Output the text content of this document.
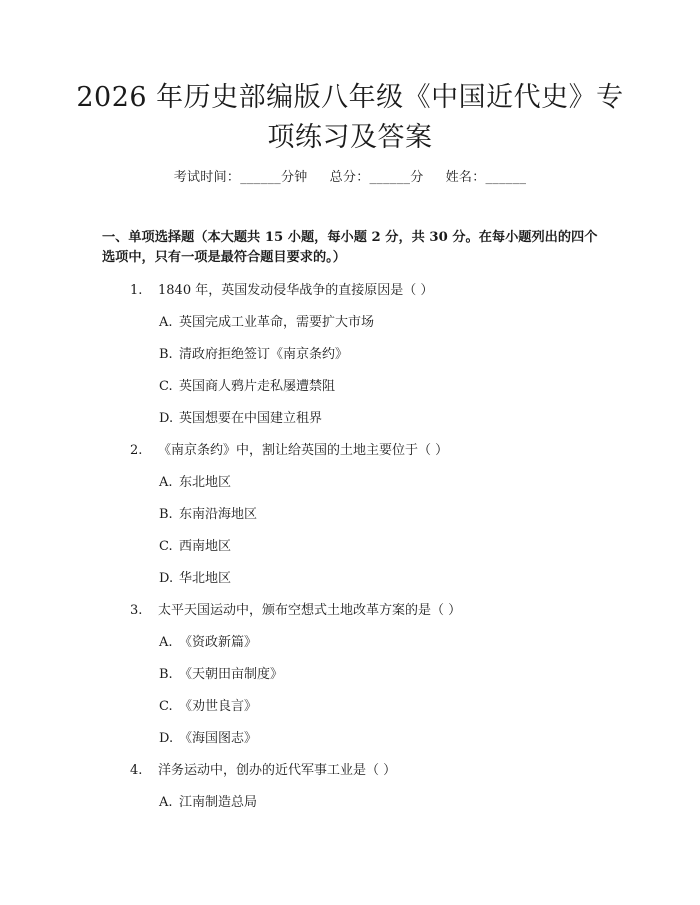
2026 年历史部编版八年级《中国近代史》专
项练习及答案
考试时间：______分钟 总分：______分 姓名：______
一、单项选择题（本大题共 15 小题，每小题 2 分，共 30 分。在每小题列出的四个选项中，只有一项是最符合题目要求的。）
1. 1840 年，英国发动侵华战争的直接原因是（ ）
A. 英国完成工业革命，需要扩大市场
B. 清政府拒绝签订《南京条约》
C. 英国商人鸦片走私屡遭禁阻
D. 英国想要在中国建立租界
2. 《南京条约》中，割让给英国的土地主要位于（ ）
A. 东北地区
B. 东南沿海地区
C. 西南地区
D. 华北地区
3. 太平天国运动中，颁布空想式土地改革方案的是（ ）
A. 《资政新篇》
B. 《天朝田亩制度》
C. 《劝世良言》
D. 《海国图志》
4. 洋务运动中，创办的近代军事工业是（ ）
A. 江南制造总局
